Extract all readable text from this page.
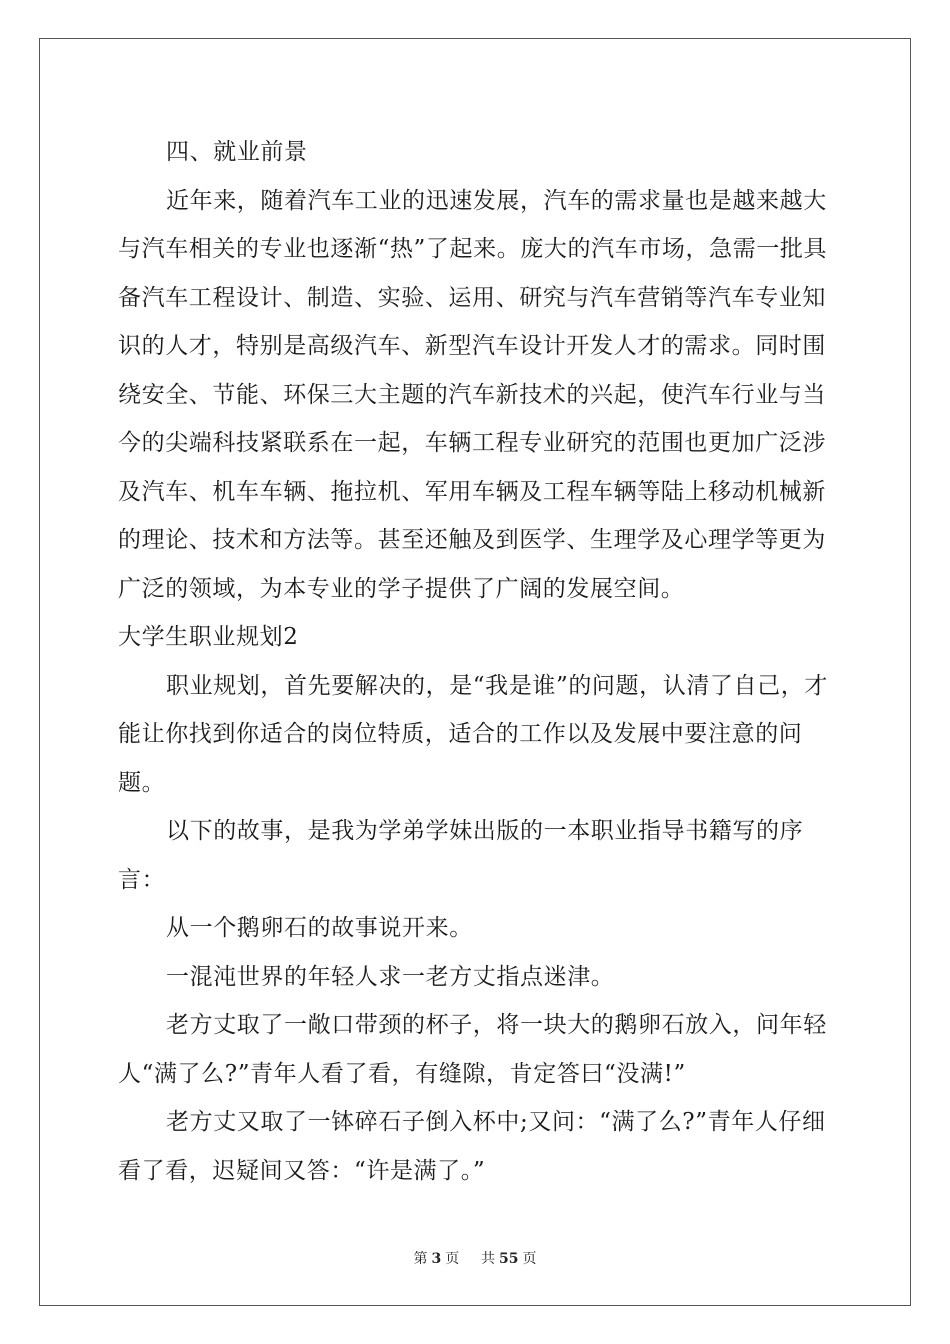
四、就业前景

近年来，随着汽车工业的迅速发展，汽车的需求量也是越来越大与汽车相关的专业也逐渐“热”了起来。庞大的汽车市场，急需一批具备汽车工程设计、制造、实验、运用、研究与汽车营销等汽车专业知识的人才，特别是高级汽车、新型汽车设计开发人才的需求。同时围绕安全、节能、环保三大主题的汽车新技术的兴起，使汽车行业与当今的尖端科技紧联系在一起，车辆工程专业研究的范围也更加广泛涉及汽车、机车车辆、拖拉机、军用车辆及工程车辆等陆上移动机械新的理论、技术和方法等。甚至还触及到医学、生理学及心理学等更为广泛的领域，为本专业的学子提供了广阔的发展空间。

大学生职业规划2

职业规划，首先要解决的，是“我是谁”的问题，认清了自己，才能让你找到你适合的岗位特质，适合的工作以及发展中要注意的问题。

以下的故事，是我为学弟学妹出版的一本职业指导书籍写的序言：

从一个鹅卵石的故事说开来。

一混沌世界的年轻人求一老方丈指点迷津。

老方丈取了一敞口带颈的杯子，将一块大的鹅卵石放入，问年轻人“满了么?”青年人看了看，有缝隙，肯定答曰“没满!”

老方丈又取了一钵碎石子倒入杯中;又问：“满了么?”青年人仔细看了看，迟疑间又答：“许是满了。”

第 3 页 共 55 页
